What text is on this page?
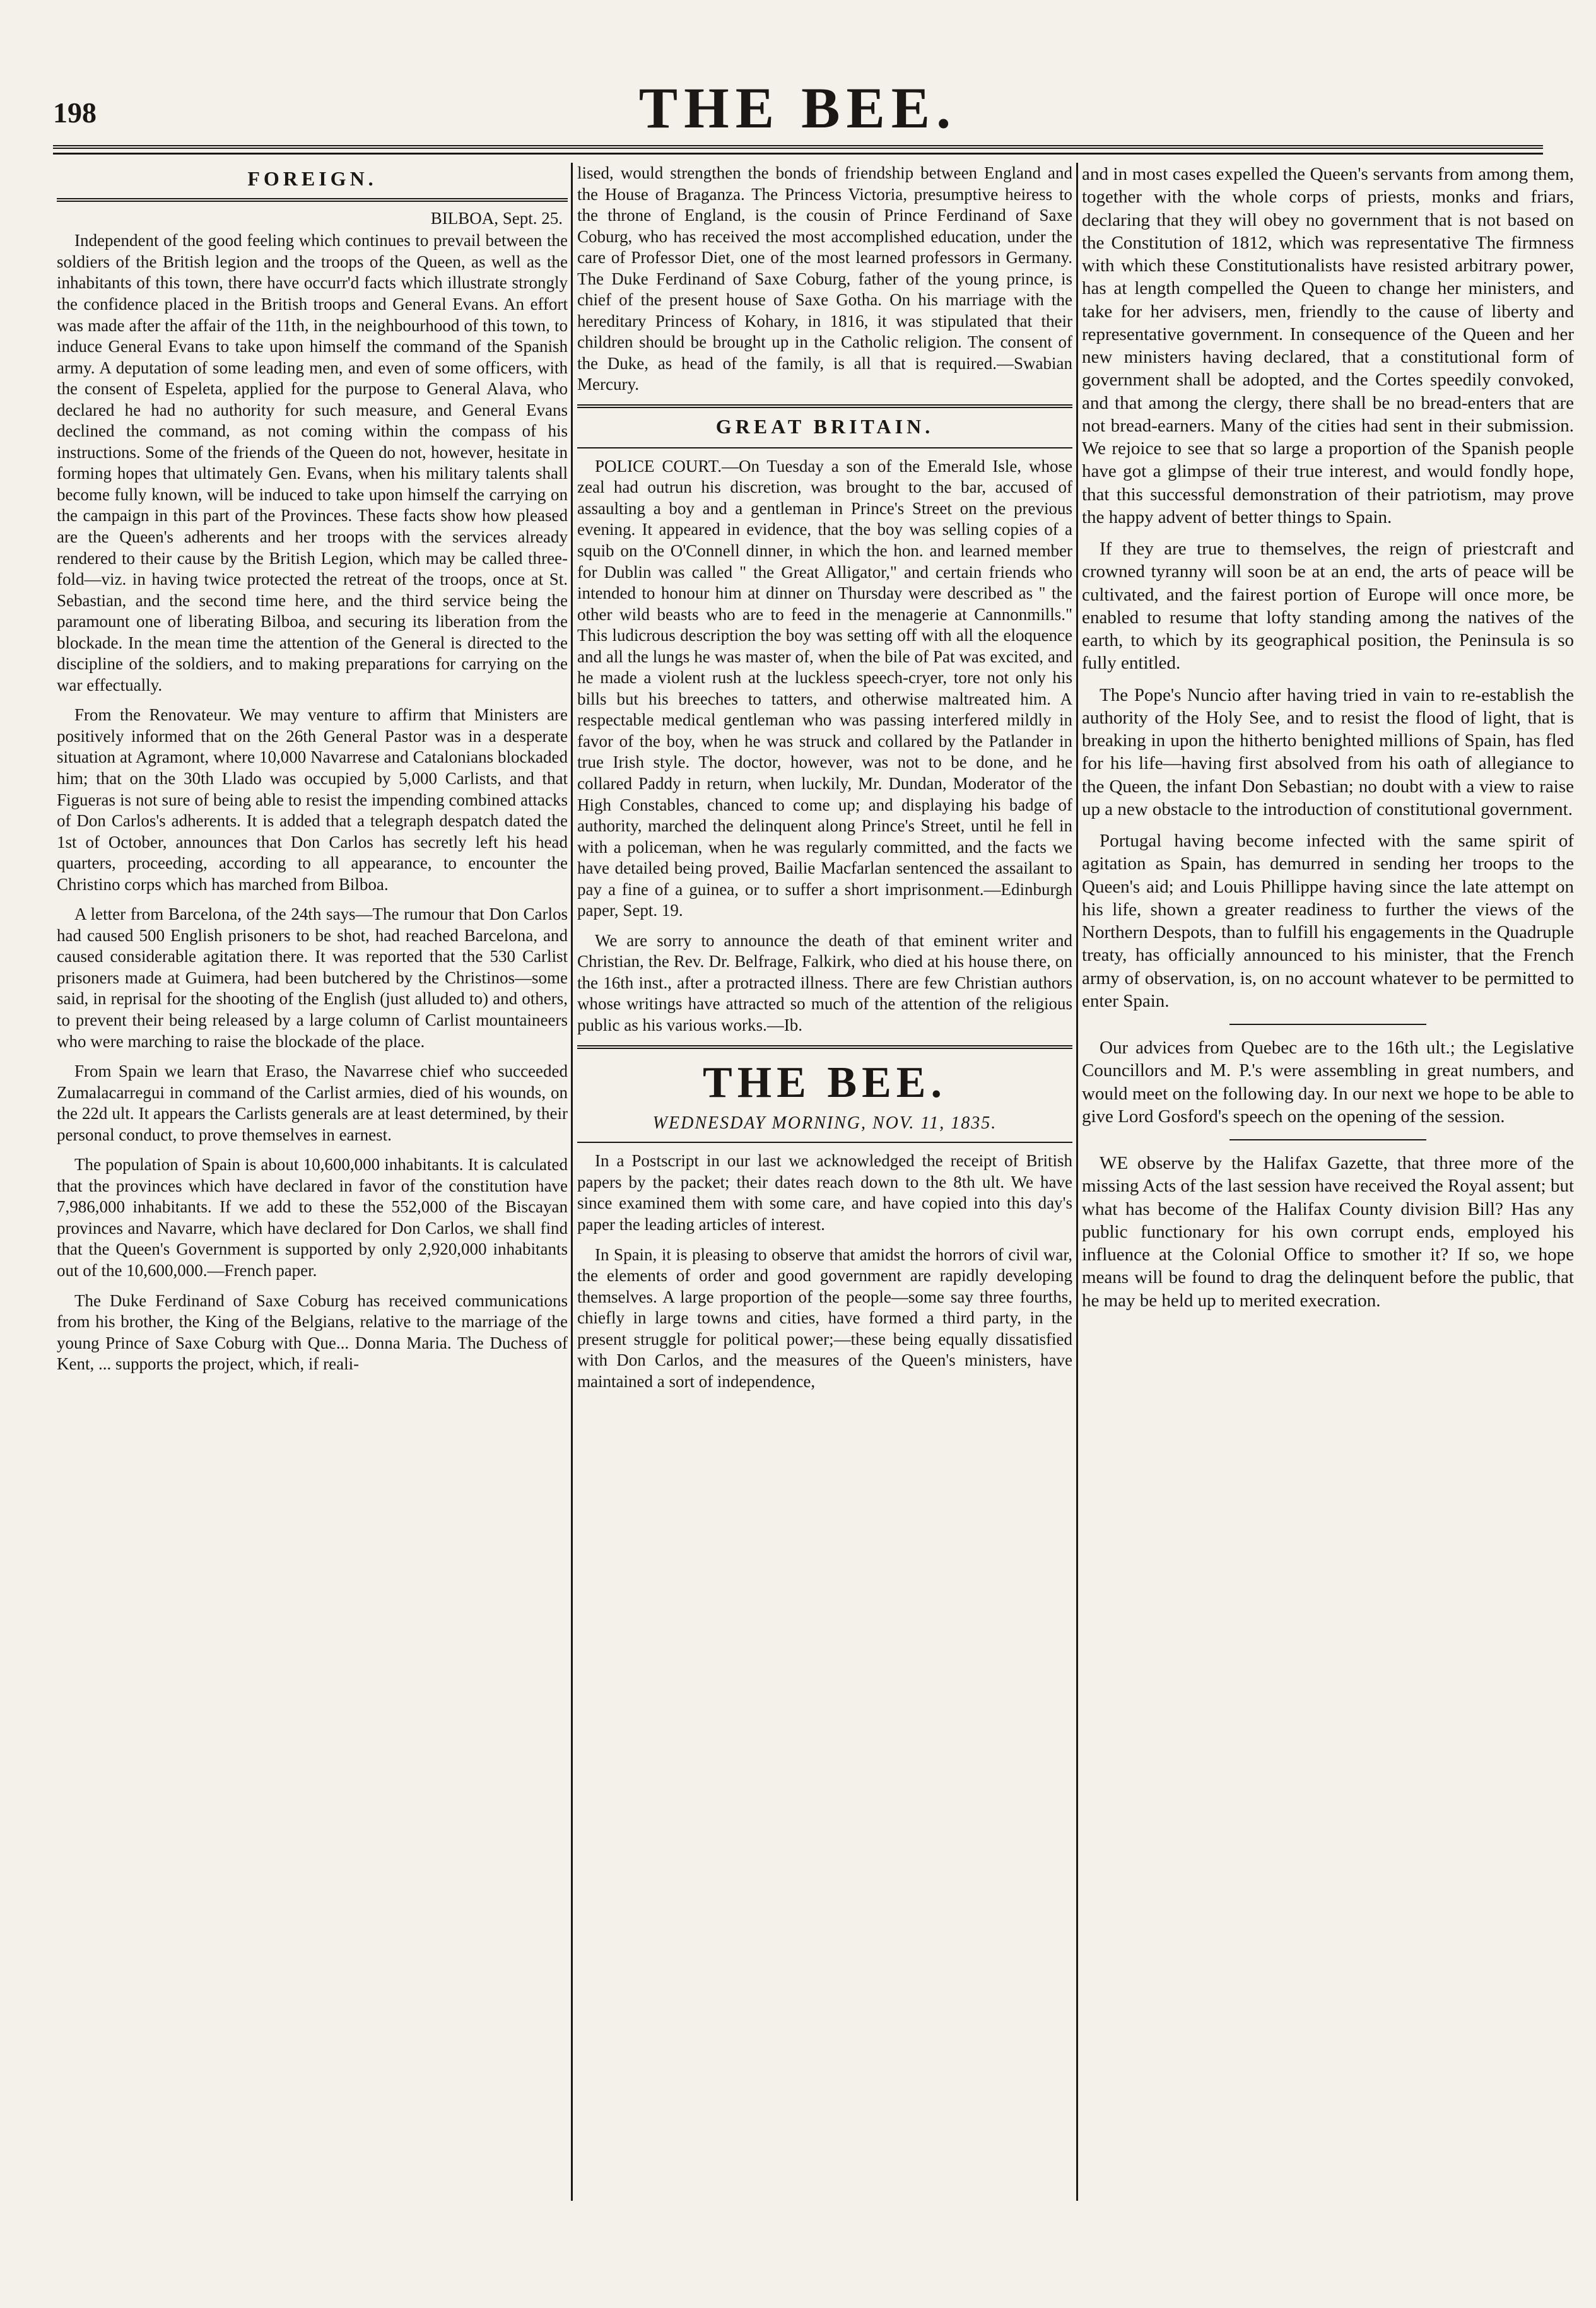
198	THE BEE.
FOREIGN.
BILBOA, Sept. 25.

Independent of the good feeling which continues to prevail between the soldiers of the British legion and the troops of the Queen, as well as the inhabitants of this town, there have occurr'd facts which illustrate strongly the confidence placed in the British troops and General Evans. An effort was made after the affair of the 11th, in the neighbourhood of this town, to induce General Evans to take upon himself the command of the Spanish army. A deputation of some leading men, and even of some officers, with the consent of Espeleta, applied for the purpose to General Alava, who declared he had no authority for such measure, and General Evans declined the command, as not coming within the compass of his instructions. Some of the friends of the Queen do not, however, hesitate in forming hopes that ultimately Gen. Evans, when his military talents shall become fully known, will be induced to take upon himself the carrying on the campaign in this part of the Provinces. These facts show how pleased are the Queen's adherents and her troops with the services already rendered to their cause by the British Legion, which may be called three-fold—viz. in having twice protected the retreat of the troops, once at St. Sebastian, and the second time here, and the third service being the paramount one of liberating Bilboa, and securing its liberation from the blockade. In the mean time the attention of the General is directed to the discipline of the soldiers, and to making preparations for carrying on the war effectually.

From the Renovateur. We may venture to affirm that Ministers are positively informed that on the 26th General Pastor was in a desperate situation at Agramont, where 10,000 Navarrese and Catalonians blockaded him; that on the 30th Llado was occupied by 5,000 Carlists, and that Figueras is not sure of being able to resist the impending combined attacks of Don Carlos's adherents. It is added that a telegraph despatch dated the 1st of October, announces that Don Carlos has secretly left his head quarters, proceeding, according to all appearance, to encounter the Christino corps which has marched from Bilboa.

A letter from Barcelona, of the 24th says—The rumour that Don Carlos had caused 500 English prisoners to be shot, had reached Barcelona, and caused considerable agitation there. It was reported that the 530 Carlist prisoners made at Guimera, had been butchered by the Christinos—some said, in reprisal for the shooting of the English (just alluded to) and others, to prevent their being released by a large column of Carlist mountaineers who were marching to raise the blockade of the place.

From Spain we learn that Eraso, the Navarrese chief who succeeded Zumalacarregui in command of the Carlist armies, died of his wounds, on the 22d ult. It appears the Carlists generals are at least determined, by their personal conduct, to prove themselves in earnest.

The population of Spain is about 10,600,000 inhabitants. It is calculated that the provinces which have declared in favor of the constitution have 7,986,000 inhabitants. If we add to these the 552,000 of the Biscayan provinces and Navarre, which have declared for Don Carlos, we shall find that the Queen's Government is supported by only 2,920,000 inhabitants out of the 10,600,000.—French paper.

The Duke Ferdinand of Saxe Coburg has received communications from his brother, the King of the Belgians, relative to the marriage of the young Prince of Saxe Coburg with Que... Donna Maria. The Duchess of Kent, ... supports the project, which, if reali-

lised, would strengthen the bonds of friendship between England and the House of Braganza. The Princess Victoria, presumptive heiress to the throne of England, is the cousin of Prince Ferdinand of Saxe Coburg, who has received the most accomplished education, under the care of Professor Diet, one of the most learned professors in Germany. The Duke Ferdinand of Saxe Coburg, father of the young prince, is chief of the present house of Saxe Gotha. On his marriage with the hereditary Princess of Kohary, in 1816, it was stipulated that their children should be brought up in the Catholic religion. The consent of the Duke, as head of the family, is all that is required.—Swabian Mercury.

GREAT BRITAIN.

POLICE COURT.—On Tuesday a son of the Emerald Isle, whose zeal had outrun his discretion, was brought to the bar, accused of assaulting a boy and a gentleman in Prince's Street on the previous evening. It appeared in evidence, that the boy was selling copies of a squib on the O'Connell dinner, in which the hon. and learned member for Dublin was called " the Great Alligator," and certain friends who intended to honour him at dinner on Thursday were described as " the other wild beasts who are to feed in the menagerie at Cannonmills." This ludicrous description the boy was setting off with all the eloquence and all the lungs he was master of, when the bile of Pat was excited, and he made a violent rush at the luckless speech-cryer, tore not only his bills but his breeches to tatters, and otherwise maltreated him. A respectable medical gentleman who was passing interfered mildly in favor of the boy, when he was struck and collared by the Patlander in true Irish style. The doctor, however, was not to be done, and he collared Paddy in return, when luckily, Mr. Dundan, Moderator of the High Constables, chanced to come up; and displaying his badge of authority, marched the delinquent along Prince's Street, until he fell in with a policeman, when he was regularly committed, and the facts we have detailed being proved, Bailie Macfarlan sentenced the assailant to pay a fine of a guinea, or to suffer a short imprisonment.—Edinburgh paper, Sept. 19.

We are sorry to announce the death of that eminent writer and Christian, the Rev. Dr. Belfrage, Falkirk, who died at his house there, on the 16th inst., after a protracted illness. There are few Christian authors whose writings have attracted so much of the attention of the religious public as his various works.—Ib.

THE BEE.
WEDNESDAY MORNING, NOV. 11, 1835.

In a Postscript in our last we acknowledged the receipt of British papers by the packet; their dates reach down to the 8th ult. We have since examined them with some care, and have copied into this day's paper the leading articles of interest.

In Spain, it is pleasing to observe that amidst the horrors of civil war, the elements of order and good government are rapidly developing themselves. A large proportion of the people—some say three fourths, chiefly in large towns and cities, have formed a third party, in the present struggle for political power;—these being equally dissatisfied with Don Carlos, and the measures of the Queen's ministers, have maintained a sort of independence,

and in most cases expelled the Queen's servants from among them, together with the whole corps of priests, monks and friars, declaring that they will obey no government that is not based on the Constitution of 1812, which was representative The firmness with which these Constitutionalists have resisted arbitrary power, has at length compelled the Queen to change her ministers, and take for her advisers, men, friendly to the cause of liberty and representative government. In consequence of the Queen and her new ministers having declared, that a constitutional form of government shall be adopted, and the Cortes speedily convoked, and that among the clergy, there shall be no bread-enters that are not bread-earners. Many of the cities had sent in their submission. We rejoice to see that so large a proportion of the Spanish people have got a glimpse of their true interest, and would fondly hope, that this successful demonstration of their patriotism, may prove the happy advent of better things to Spain.

If they are true to themselves, the reign of priestcraft and crowned tyranny will soon be at an end, the arts of peace will be cultivated, and the fairest portion of Europe will once more, be enabled to resume that lofty standing among the natives of the earth, to which by its geographical position, the Peninsula is so fully entitled.

The Pope's Nuncio after having tried in vain to re-establish the authority of the Holy See, and to resist the flood of light, that is breaking in upon the hitherto benighted millions of Spain, has fled for his life—having first absolved from his oath of allegiance to the Queen, the infant Don Sebastian; no doubt with a view to raise up a new obstacle to the introduction of constitutional government.

Portugal having become infected with the same spirit of agitation as Spain, has demurred in sending her troops to the Queen's aid; and Louis Phillippe having since the late attempt on his life, shown a greater readiness to further the views of the Northern Despots, than to fulfill his engagements in the Quadruple treaty, has officially announced to his minister, that the French army of observation, is, on no account whatever to be permitted to enter Spain.

Our advices from Quebec are to the 16th ult.; the Legislative Councillors and M. P.'s were assembling in great numbers, and would meet on the following day. In our next we hope to be able to give Lord Gosford's speech on the opening of the session.

WE observe by the Halifax Gazette, that three more of the missing Acts of the last session have received the Royal assent; but what has become of the Halifax County division Bill? Has any public functionary for his own corrupt ends, employed his influence at the Colonial Office to smother it? If so, we hope means will be found to drag the delinquent before the public, that he may be held up to merited execration.
